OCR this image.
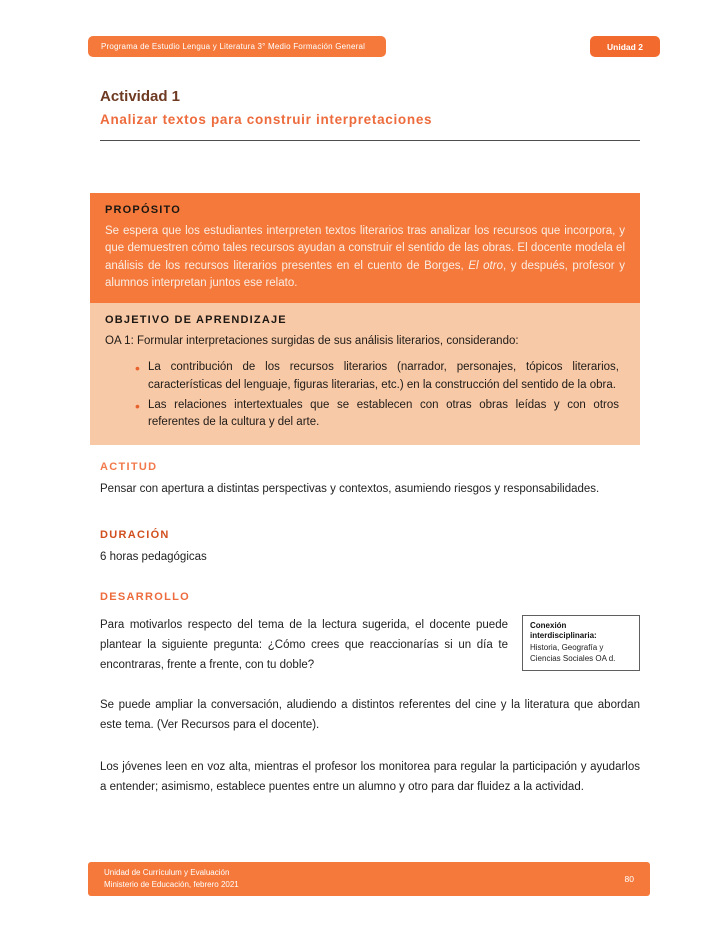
Programa de Estudio Lengua y Literatura 3° Medio Formación General	Unidad 2
Actividad 1
Analizar textos para construir interpretaciones
PROPÓSITO

Se espera que los estudiantes interpreten textos literarios tras analizar los recursos que incorpora, y que demuestren cómo tales recursos ayudan a construir el sentido de las obras. El docente modela el análisis de los recursos literarios presentes en el cuento de Borges, El otro, y después, profesor y alumnos interpretan juntos ese relato.

OBJETIVO DE APRENDIZAJE

OA 1: Formular interpretaciones surgidas de sus análisis literarios, considerando:

• La contribución de los recursos literarios (narrador, personajes, tópicos literarios, características del lenguaje, figuras literarias, etc.) en la construcción del sentido de la obra.
• Las relaciones intertextuales que se establecen con otras obras leídas y con otros referentes de la cultura y del arte.
ACTITUD

Pensar con apertura a distintas perspectivas y contextos, asumiendo riesgos y responsabilidades.

DURACIÓN

6 horas pedagógicas

DESARROLLO

Para motivarlos respecto del tema de la lectura sugerida, el docente puede plantear la siguiente pregunta: ¿Cómo crees que reaccionarías si un día te encontraras, frente a frente, con tu doble?

Conexión interdisciplinaria:
Historia, Geografía y Ciencias Sociales OA d.

Se puede ampliar la conversación, aludiendo a distintos referentes del cine y la literatura que abordan este tema. (Ver Recursos para el docente).

Los jóvenes leen en voz alta, mientras el profesor los monitorea para regular la participación y ayudarlos a entender; asimismo, establece puentes entre un alumno y otro para dar fluidez a la actividad.

Unidad de Currículum y Evaluación
Ministerio de Educación, febrero 2021
80
